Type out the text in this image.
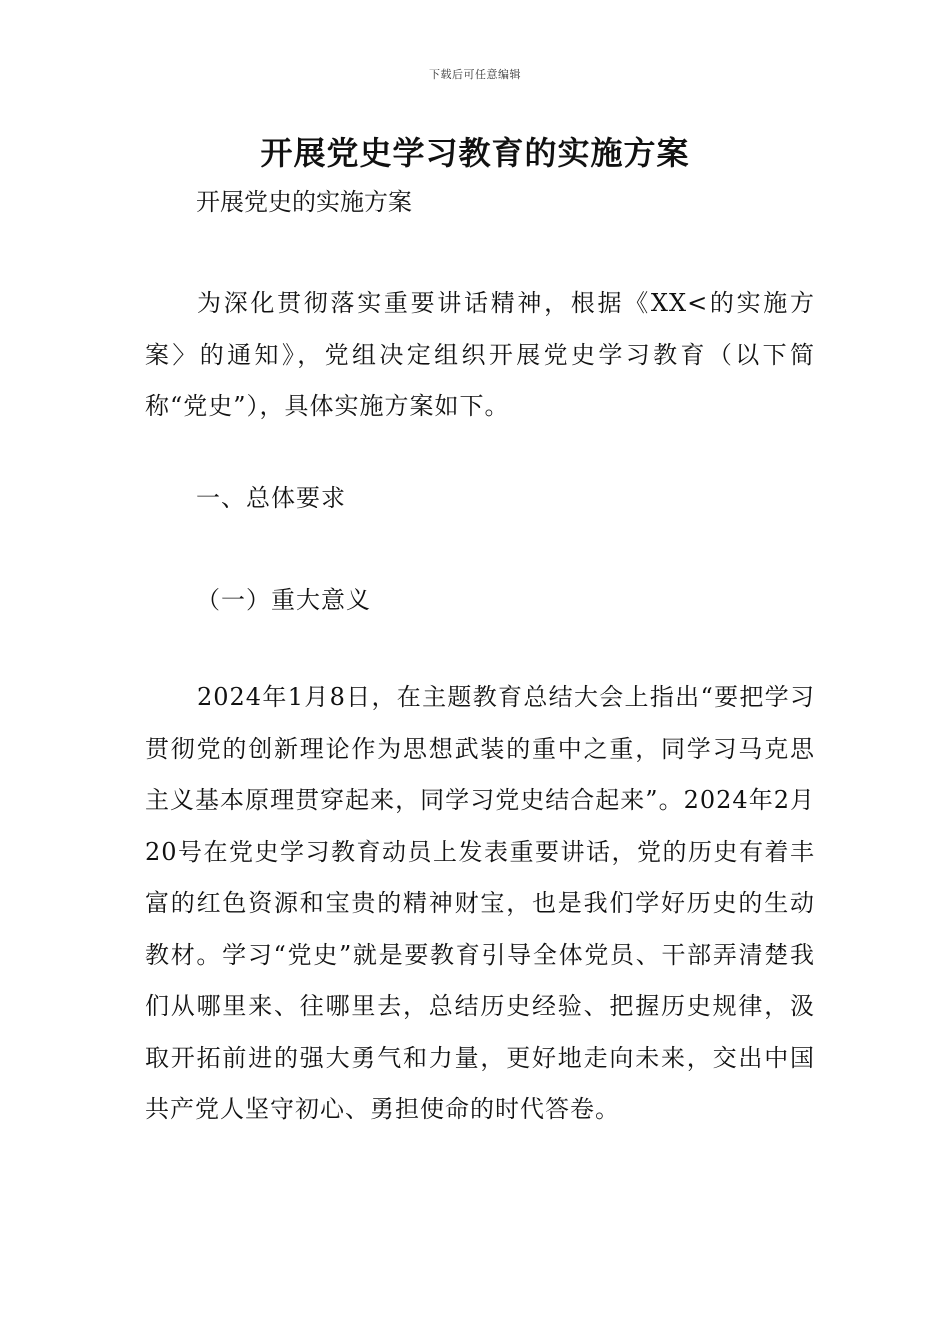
下载后可任意编辑
开展党史学习教育的实施方案
开展党史的实施方案

为深化贯彻落实重要讲话精神，根据《XX<的实施方案〉的通知》，党组决定组织开展党史学习教育（以下简称“党史”），具体实施方案如下。

一、总体要求
（一）重大意义

2024年1月8日，在主题教育总结大会上指出“要把学习贯彻党的创新理论作为思想武装的重中之重，同学习马克思主义基本原理贯穿起来，同学习党史结合起来”。2024年2月20号在党史学习教育动员上发表重要讲话，党的历史有着丰富的红色资源和宝贵的精神财宝，也是我们学好历史的生动教材。学习“党史”就是要教育引导全体党员、干部弄清楚我们从哪里来、往哪里去，总结历史经验、把握历史规律，汲取开拓前进的强大勇气和力量，更好地走向未来，交出中国共产党人坚守初心、勇担使命的时代答卷。
